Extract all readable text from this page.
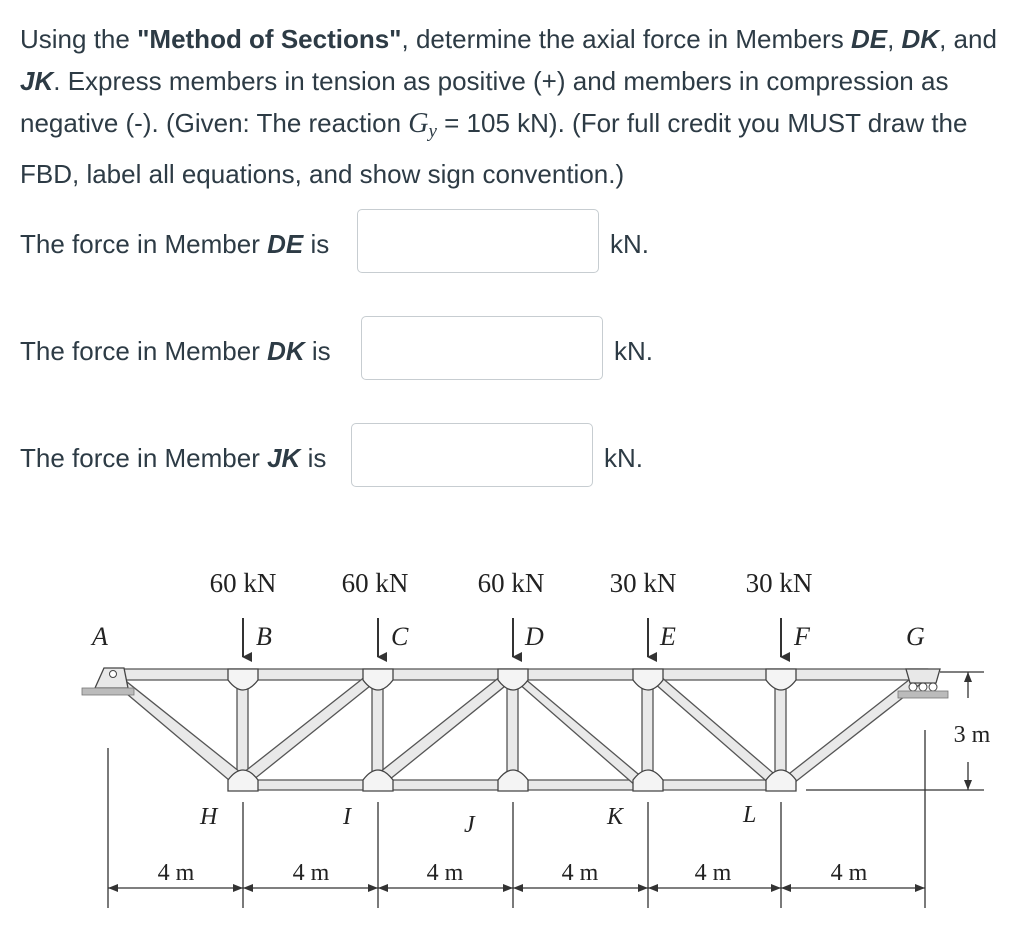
Using the "Method of Sections", determine the axial force in Members DE, DK, and JK. Express members in tension as positive (+) and members in compression as negative (-). (Given: The reaction $G_y = 105$ kN). (For full credit you MUST draw the FBD, label all equations, and show sign convention.)
The force in Member DE is	kN.
The force in Member DK is	kN.
The force in Member JK is	kN.
60 kN 60 kN	60 kN 30 kN	30 kN
A	B	C	D	E	F	G
H	I	J	K	L
4 m	4 m	4 m	4 m	4 m	4 m
3 m
